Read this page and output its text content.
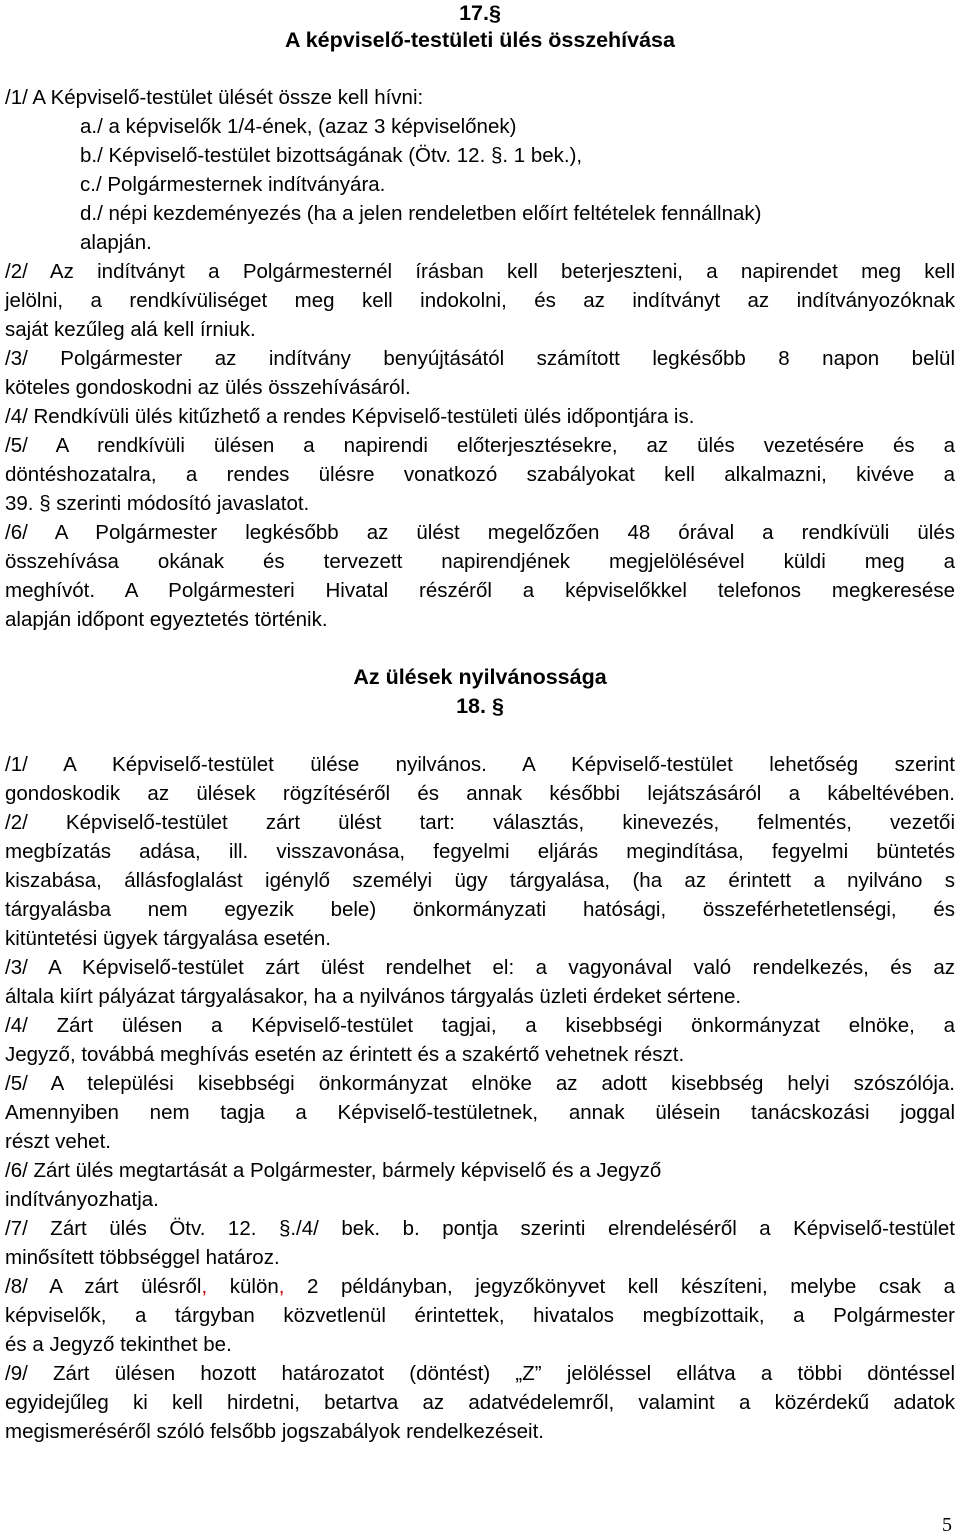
17.§
A képviselő-testületi ülés összehívása
/1/ A Képviselő-testület ülését össze kell hívni:
a./ a képviselők 1/4-ének, (azaz 3 képviselőnek)
b./ Képviselő-testület bizottságának (Ötv. 12. §. 1 bek.),
c./ Polgármesternek indítványára.
d./ népi kezdeményezés (ha a jelen rendeletben előírt feltételek fennállnak)
alapján.
/2/ Az indítványt a Polgármesternél írásban kell beterjeszteni, a napirendet meg kell
jelölni, a rendkívüliséget meg kell indokolni, és az indítványt az indítványozóknak
saját kezűleg alá kell írniuk.
/3/ Polgármester az indítvány benyújtásától számított legkésőbb 8 napon belül
köteles gondoskodni az ülés összehívásáról.
/4/ Rendkívüli ülés kitűzhető a rendes Képviselő-testületi ülés időpontjára is.
/5/ A rendkívüli ülésen a napirendi előterjesztésekre, az ülés vezetésére és a
döntéshozatalra, a rendes ülésre vonatkozó szabályokat kell alkalmazni, kivéve a
39. § szerinti módosító javaslatot.
/6/ A Polgármester legkésőbb az ülést megelőzően 48 órával a rendkívüli ülés
összehívása okának és tervezett napirendjének megjelölésével küldi meg a
meghívót. A Polgármesteri Hivatal részéről a képviselőkkel telefonos megkeresése
alapján időpont egyeztetés történik.
Az ülések nyilvánossága
18. §
/1/ A Képviselő-testület ülése nyilvános. A Képviselő-testület lehetőség szerint
gondoskodik az ülések rögzítéséről és annak későbbi lejátszásáról a kábeltévében.
/2/ Képviselő-testület zárt ülést tart: választás, kinevezés, felmentés, vezetői
megbízatás adása, ill. visszavonása, fegyelmi eljárás megindítása, fegyelmi büntetés
kiszabása, állásfoglalást igénylő személyi ügy tárgyalása, (ha az érintett a nyilváno s
tárgyalásba nem egyezik bele) önkormányzati hatósági, összeférhetetlenségi, és
kitüntetési ügyek tárgyalása esetén.
/3/ A Képviselő-testület zárt ülést rendelhet el: a vagyonával való rendelkezés, és az
általa kiírt pályázat tárgyalásakor, ha a nyilvános tárgyalás üzleti érdeket sértene.
/4/ Zárt ülésen a Képviselő-testület tagjai, a kisebbségi önkormányzat elnöke, a
Jegyző, továbbá meghívás esetén az érintett és a szakértő vehetnek részt.
/5/ A települési kisebbségi önkormányzat elnöke az adott kisebbség helyi szószólója.
Amennyiben nem tagja a Képviselő-testületnek, annak ülésein tanácskozási joggal
részt vehet.
/6/ Zárt ülés megtartását a Polgármester, bármely képviselő és a Jegyző
indítványozhatja.
/7/ Zárt ülés Ötv. 12. §./4/ bek. b. pontja szerinti elrendeléséről a Képviselő-testület
minősített többséggel határoz.
/8/ A zárt ülésről, külön, 2 példányban, jegyzőkönyvet kell készíteni, melybe csak a
képviselők, a tárgyban közvetlenül érintettek, hivatalos megbízottaik, a Polgármester
és a Jegyző tekinthet be.
/9/ Zárt ülésen hozott határozatot (döntést) „Z” jelöléssel ellátva a többi döntéssel
egyidejűleg ki kell hirdetni, betartva az adatvédelemről, valamint a közérdekű adatok
megismeréséről szóló felsőbb jogszabályok rendelkezéseit.
5
